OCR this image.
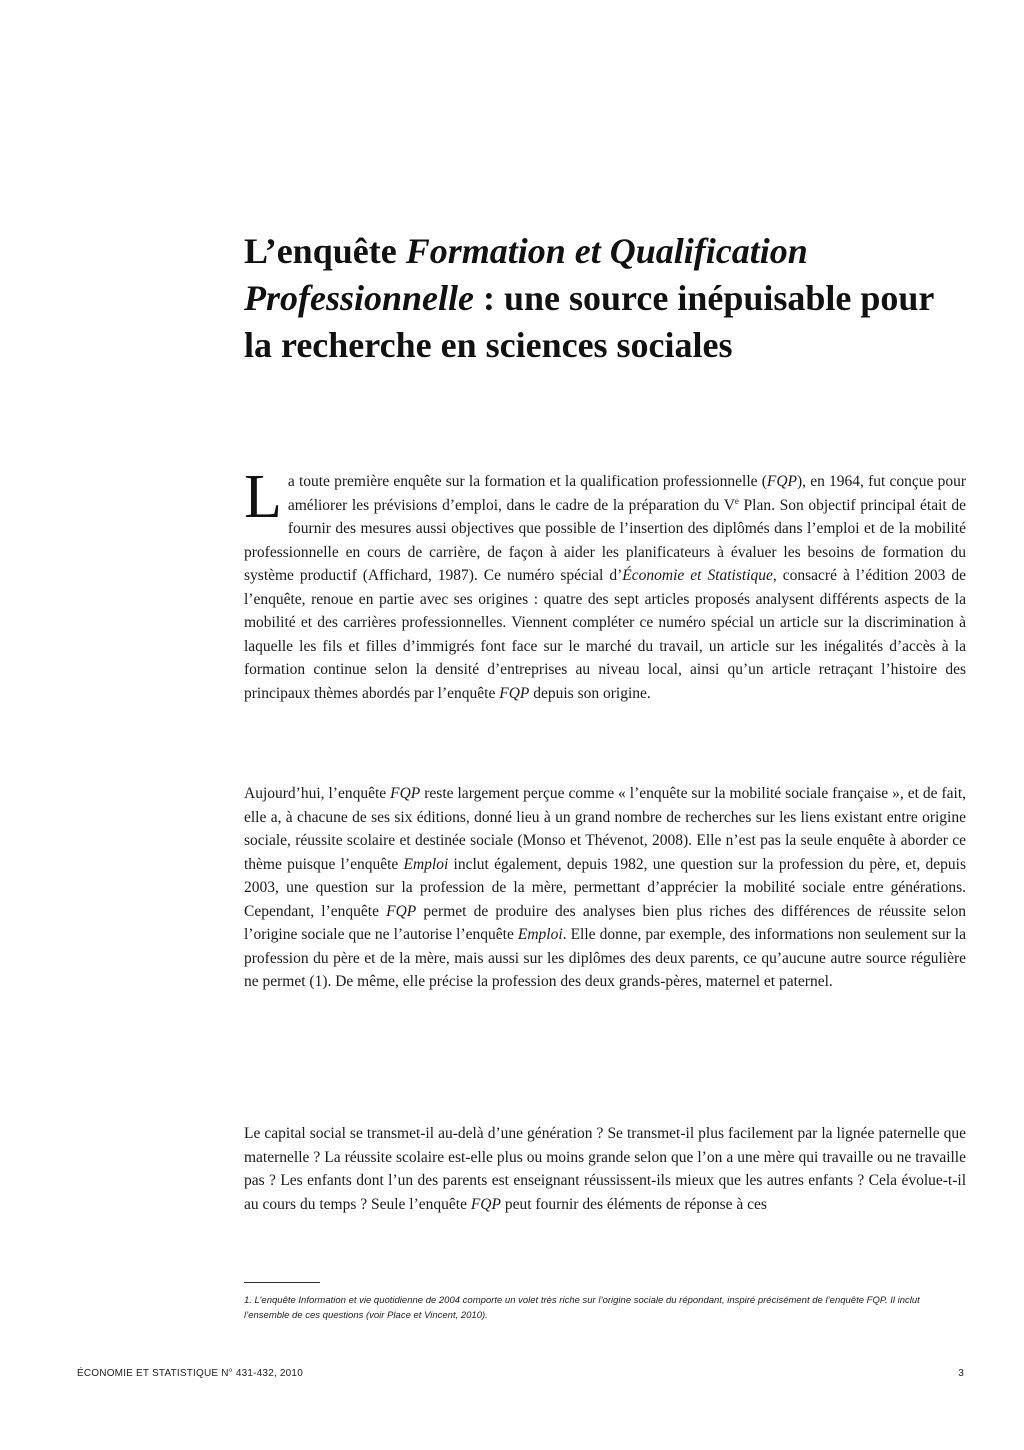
L’enquête Formation et Qualification Professionnelle : une source inépuisable pour la recherche en sciences sociales

La toute première enquête sur la formation et la qualification professionnelle (FQP), en 1964, fut conçue pour améliorer les prévisions d’emploi, dans le cadre de la préparation du Ve Plan. Son objectif principal était de fournir des mesures aussi objectives que possible de l’insertion des diplômés dans l’emploi et de la mobilité professionnelle en cours de carrière, de façon à aider les planificateurs à évaluer les besoins de formation du système productif (Affichard, 1987). Ce numéro spécial d’Économie et Statistique, consacré à l’édition 2003 de l’enquête, renoue en partie avec ses origines : quatre des sept articles proposés analysent différents aspects de la mobilité et des carrières professionnelles. Viennent compléter ce numéro spécial un article sur la discrimination à laquelle les fils et filles d’immigrés font face sur le marché du travail, un article sur les inégalités d’accès à la formation continue selon la densité d’entreprises au niveau local, ainsi qu’un article retraçant l’histoire des principaux thèmes abordés par l’enquête FQP depuis son origine.

Aujourd’hui, l’enquête FQP reste largement perçue comme « l’enquête sur la mobilité sociale française », et de fait, elle a, à chacune de ses six éditions, donné lieu à un grand nombre de recherches sur les liens existant entre origine sociale, réussite scolaire et destinée sociale (Monso et Thévenot, 2008). Elle n’est pas la seule enquête à aborder ce thème puisque l’enquête Emploi inclut également, depuis 1982, une question sur la profession du père, et, depuis 2003, une question sur la profession de la mère, permettant d’apprécier la mobilité sociale entre générations. Cependant, l’enquête FQP permet de produire des analyses bien plus riches des différences de réussite selon l’origine sociale que ne l’autorise l’enquête Emploi. Elle donne, par exemple, des informations non seulement sur la profession du père et de la mère, mais aussi sur les diplômes des deux parents, ce qu’aucune autre source régulière ne permet (1). De même, elle précise la profession des deux grands-pères, maternel et paternel.

Le capital social se transmet-il au-delà d’une génération ? Se transmet-il plus facilement par la lignée paternelle que maternelle ? La réussite scolaire est-elle plus ou moins grande selon que l’on a une mère qui travaille ou ne travaille pas ? Les enfants dont l’un des parents est enseignant réussissent-ils mieux que les autres enfants ? Cela évolue-t-il au cours du temps ? Seule l’enquête FQP peut fournir des éléments de réponse à ces

1. L’enquête Information et vie quotidienne de 2004 comporte un volet très riche sur l’origine sociale du répondant, inspiré précisément de l’enquête FQP. Il inclut l’ensemble de ces questions (voir Place et Vincent, 2010).

ÉCONOMIE ET STATISTIQUE N° 431-432, 2010	3
